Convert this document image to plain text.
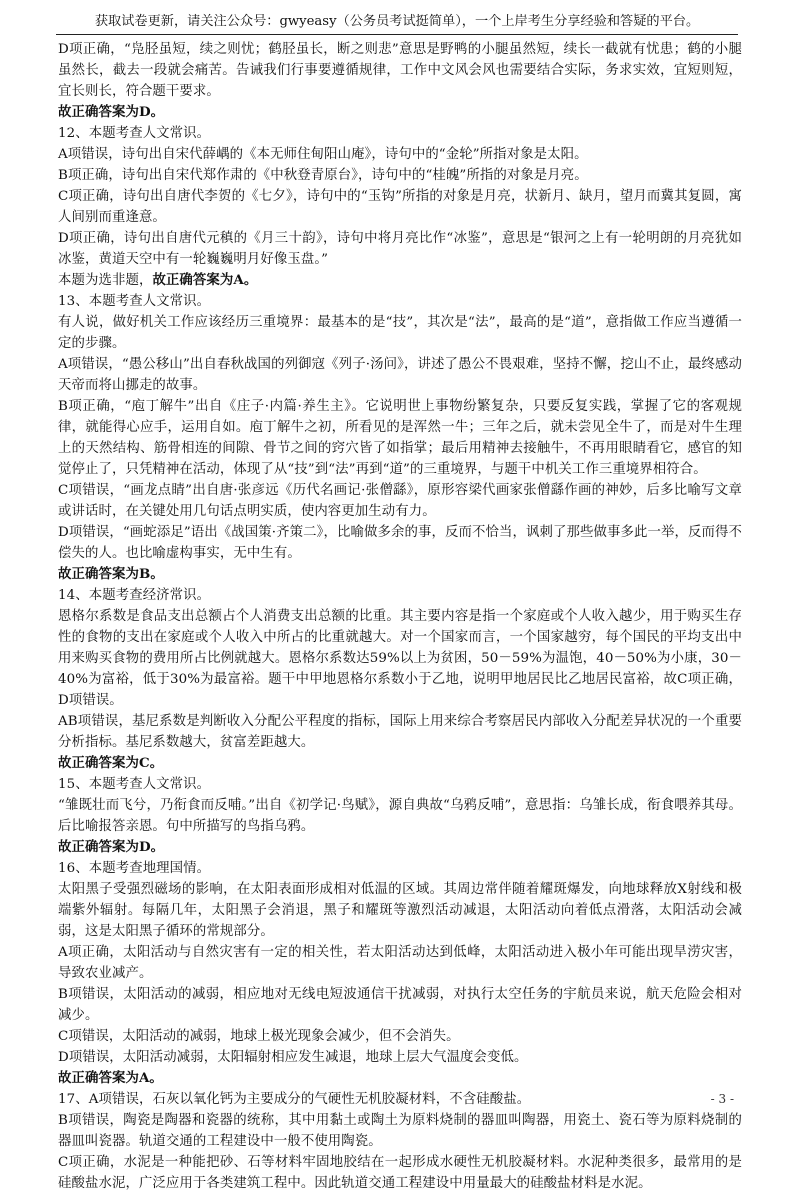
获取试卷更新，请关注公众号：gwyeasy（公务员考试挺简单），一个上岸考生分享经验和答疑的平台。

D项正确，“凫胫虽短，续之则忧；鹤胫虽长，断之则悲”意思是野鸭的小腿虽然短，续长一截就有忧患；鹤的小腿虽然长，截去一段就会痛苦。告诫我们行事要遵循规律，工作中文风会风也需要结合实际，务求实效，宜短则短，宜长则长，符合题干要求。

故正确答案为D。

12、本题考查人文常识。

A项错误，诗句出自宋代薛嵎的《本无师住甸阳山庵》，诗句中的“金轮”所指对象是太阳。

B项正确，诗句出自宋代郑作肃的《中秋登青原台》，诗句中的“桂魄”所指的对象是月亮。

C项正确，诗句出自唐代李贺的《七夕》，诗句中的“玉钩”所指的对象是月亮，状新月、缺月，望月而冀其复圆，寓人间别而重逢意。

D项正确，诗句出自唐代元稹的《月三十韵》，诗句中将月亮比作“冰鉴”，意思是“银河之上有一轮明朗的月亮犹如冰鉴，黄道天空中有一轮巍巍明月好像玉盘。”

本题为选非题，故正确答案为A。

13、本题考查人文常识。

有人说，做好机关工作应该经历三重境界：最基本的是“技”，其次是“法”，最高的是“道”，意指做工作应当遵循一定的步骤。

A项错误，“愚公移山”出自春秋战国的列御寇《列子·汤问》，讲述了愚公不畏艰难，坚持不懈，挖山不止，最终感动天帝而将山挪走的故事。

B项正确，“庖丁解牛”出自《庄子·内篇·养生主》。它说明世上事物纷繁复杂，只要反复实践，掌握了它的客观规律，就能得心应手，运用自如。庖丁解牛之初，所看见的是浑然一牛；三年之后，就未尝见全牛了，而是对牛生理上的天然结构、筋骨相连的间隙、骨节之间的窍穴皆了如指掌；最后用精神去接触牛，不再用眼睛看它，感官的知觉停止了，只凭精神在活动，体现了从“技”到“法”再到“道”的三重境界，与题干中机关工作三重境界相符合。

C项错误，“画龙点睛”出自唐·张彦远《历代名画记·张僧繇》，原形容梁代画家张僧繇作画的神妙，后多比喻写文章或讲话时，在关键处用几句话点明实质，使内容更加生动有力。

D项错误，“画蛇添足”语出《战国策·齐策二》，比喻做多余的事，反而不恰当，讽刺了那些做事多此一举，反而得不偿失的人。也比喻虚构事实，无中生有。

故正确答案为B。

14、本题考查经济常识。

恩格尔系数是食品支出总额占个人消费支出总额的比重。其主要内容是指一个家庭或个人收入越少，用于购买生存性的食物的支出在家庭或个人收入中所占的比重就越大。对一个国家而言，一个国家越穷，每个国民的平均支出中用来购买食物的费用所占比例就越大。恩格尔系数达59%以上为贫困，50－59%为温饱，40－50%为小康，30－40%为富裕，低于30%为最富裕。题干中甲地恩格尔系数小于乙地，说明甲地居民比乙地居民富裕，故C项正确，D项错误。

AB项错误，基尼系数是判断收入分配公平程度的指标，国际上用来综合考察居民内部收入分配差异状况的一个重要分析指标。基尼系数越大，贫富差距越大。

故正确答案为C。

15、本题考查人文常识。

“雏既壮而飞兮，乃衔食而反哺。”出自《初学记·鸟赋》，源自典故“乌鸦反哺”，意思指：乌雏长成，衔食喂养其母。后比喻报答亲恩。句中所描写的鸟指乌鸦。

故正确答案为D。

16、本题考查地理国情。

太阳黑子受强烈磁场的影响，在太阳表面形成相对低温的区域。其周边常伴随着耀斑爆发，向地球释放X射线和极端紫外辐射。每隔几年，太阳黑子会消退，黑子和耀斑等激烈活动减退，太阳活动向着低点滑落，太阳活动会减弱，这是太阳黑子循环的常规部分。

A项正确，太阳活动与自然灾害有一定的相关性，若太阳活动达到低峰，太阳活动进入极小年可能出现旱涝灾害，导致农业减产。

B项错误，太阳活动的减弱，相应地对无线电短波通信干扰减弱，对执行太空任务的宇航员来说，航天危险会相对减少。

C项错误，太阳活动的减弱，地球上极光现象会减少，但不会消失。

D项错误，太阳活动减弱，太阳辐射相应发生减退，地球上层大气温度会变低。

故正确答案为A。

17、A项错误，石灰以氧化钙为主要成分的气硬性无机胶凝材料，不含硅酸盐。

B项错误，陶瓷是陶器和瓷器的统称，其中用黏土或陶土为原料烧制的器皿叫陶器，用瓷土、瓷石等为原料烧制的器皿叫瓷器。轨道交通的工程建设中一般不使用陶瓷。

C项正确，水泥是一种能把砂、石等材料牢固地胶结在一起形成水硬性无机胶凝材料。水泥种类很多，最常用的是硅酸盐水泥，广泛应用于各类建筑工程中。因此轨道交通工程建设中用量最大的硅酸盐材料是水泥。

- 3 -
